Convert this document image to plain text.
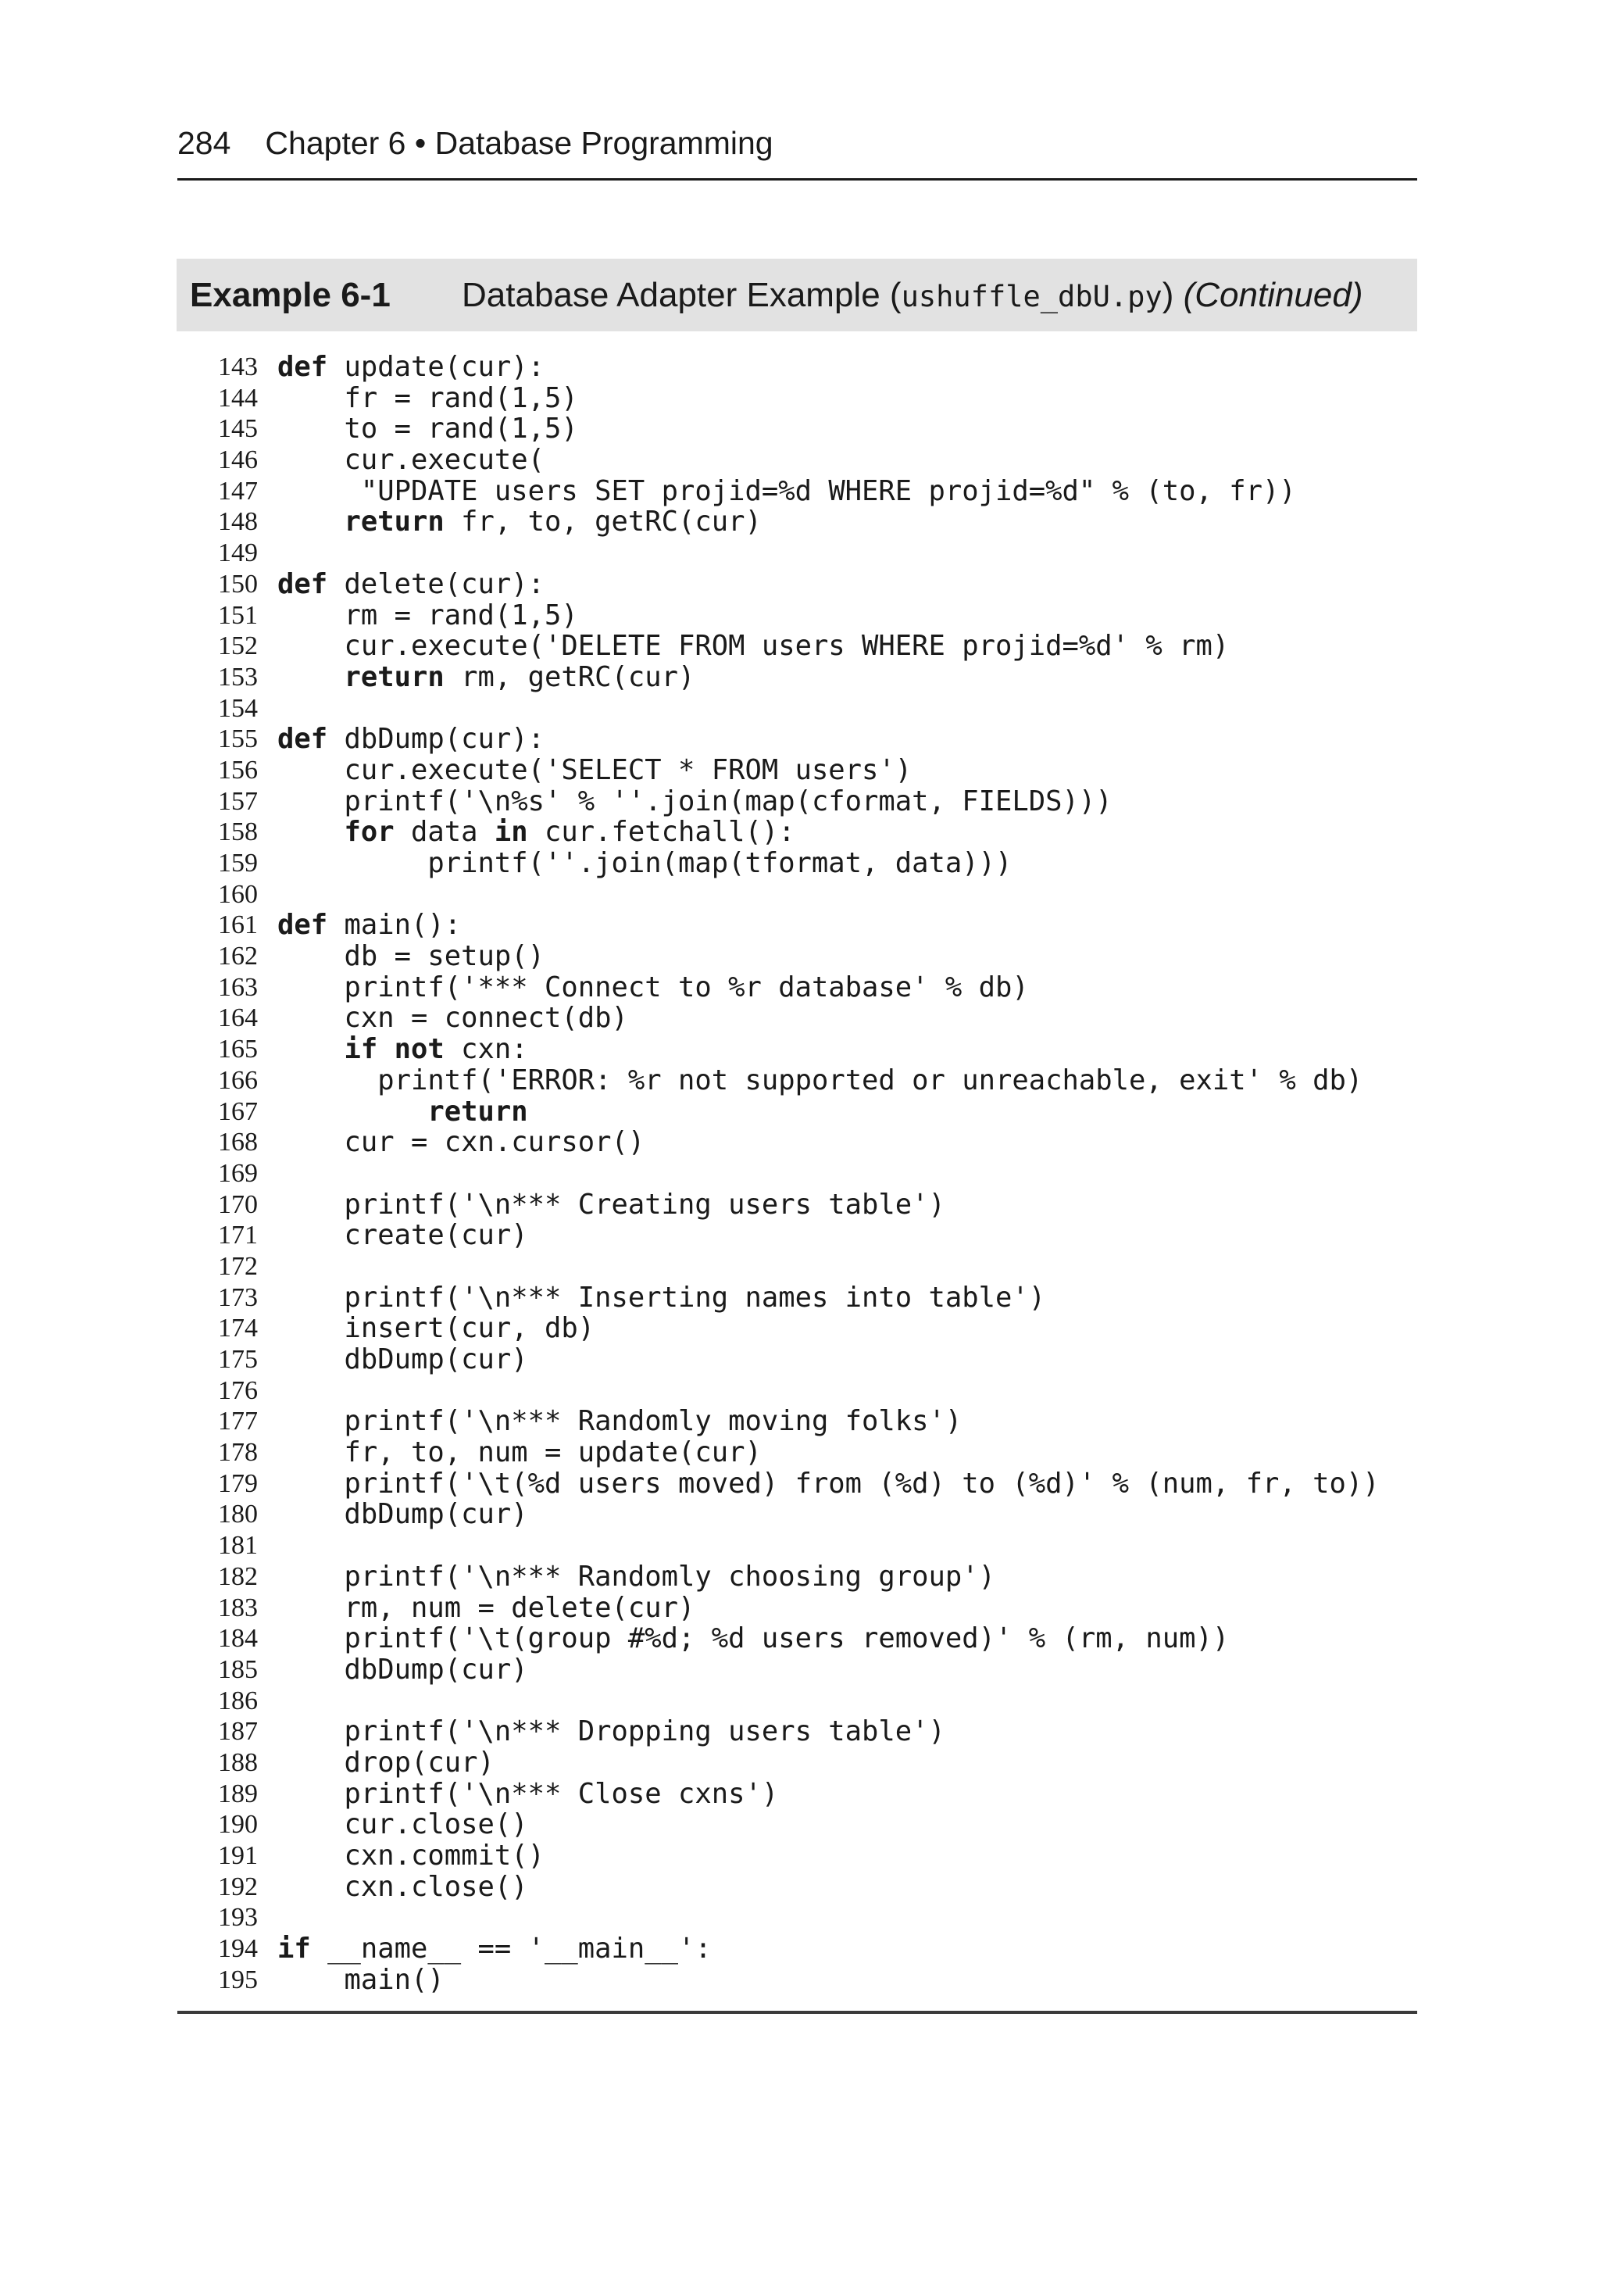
284 Chapter 6 • Database Programming
Example 6-1 Database Adapter Example (ushuffle_dbU.py) (Continued)
143 def update(cur):
144	fr = rand(1,5)
145	to = rand(1,5)
146	cur.execute(
147	"UPDATE users SET projid=%d WHERE projid=%d" % (to, fr))
148	return fr, to, getRC(cur)
149
150 def delete(cur):
151	rm = rand(1,5)
152	cur.execute('DELETE FROM users WHERE projid=%d' % rm)
153	return rm, getRC(cur)
154
155 def dbDump(cur):
156	cur.execute('SELECT * FROM users')
157	printf('\n%s' % ''.join(map(cformat, FIELDS)))
158	for data in cur.fetchall():
159	printf(''.join(map(tformat, data)))
160
161 def main():
162	db = setup()
163	printf('*** Connect to %r database' % db)
164	cxn = connect(db)
165	if not cxn:
166	printf('ERROR: %r not supported or unreachable, exit' % db)
167	return
168	cur = cxn.cursor()
169
170	printf('\n*** Creating users table')
171	create(cur)
172
173	printf('\n*** Inserting names into table')
174	insert(cur, db)
175	dbDump(cur)
176
177	printf('\n*** Randomly moving folks')
178	fr, to, num = update(cur)
179	printf('\t(%d users moved) from (%d) to (%d)' % (num, fr, to))
180	dbDump(cur)
181
182	printf('\n*** Randomly choosing group')
183	rm, num = delete(cur)
184	printf('\t(group #%d; %d users removed)' % (rm, num))
185	dbDump(cur)
186
187	printf('\n*** Dropping users table')
188	drop(cur)
189	printf('\n*** Close cxns')
190	cur.close()
191	cxn.commit()
192	cxn.close()
193
194 if __name__ == '__main__':
195	main()
